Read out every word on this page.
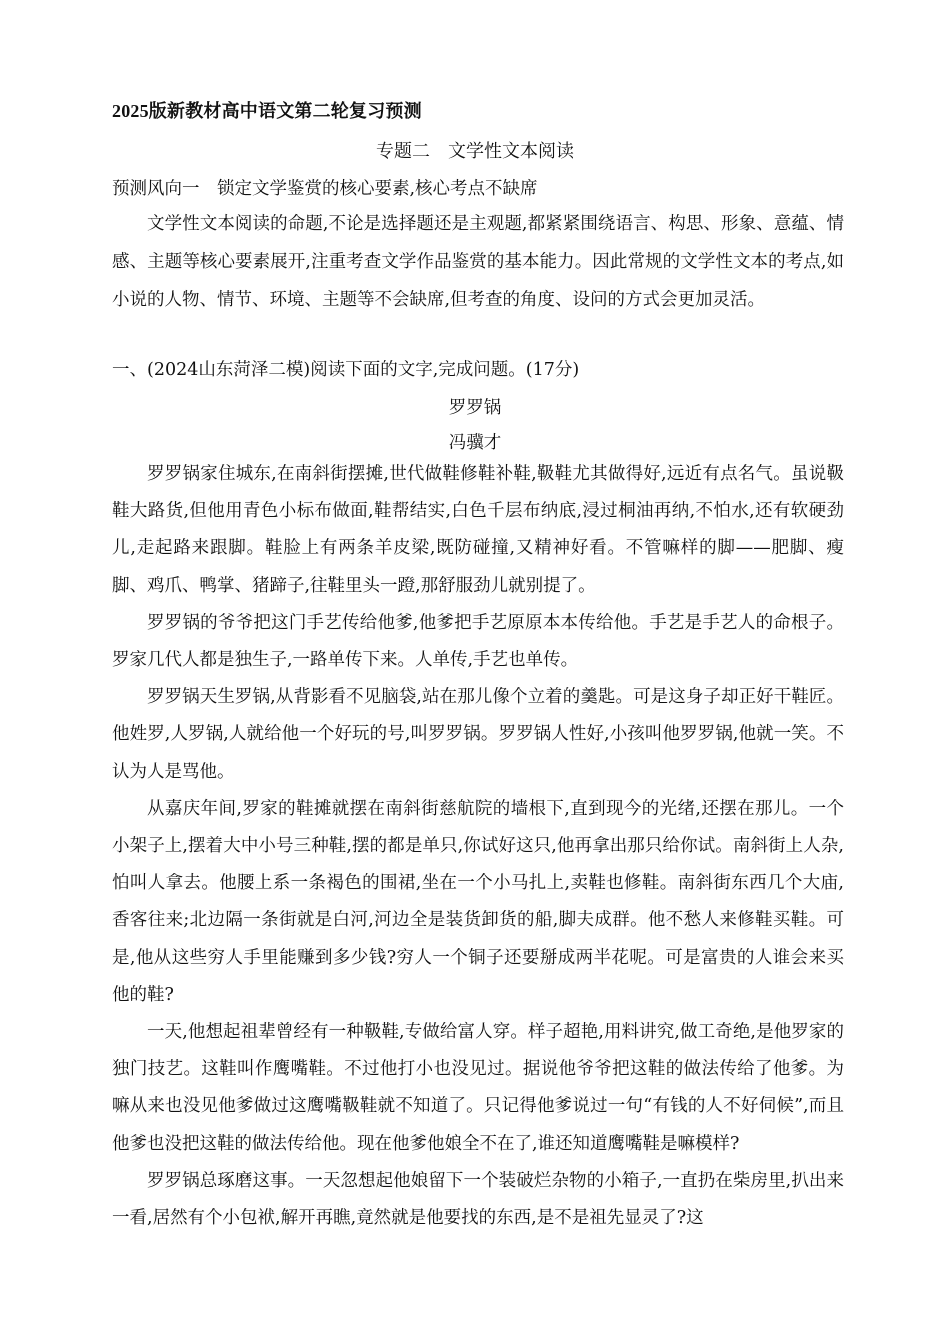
2025版新教材高中语文第二轮复习预测
专题二　文学性文本阅读
预测风向一　锁定文学鉴赏的核心要素,核心考点不缺席

文学性文本阅读的命题,不论是选择题还是主观题,都紧紧围绕语言、构思、形象、意蕴、情感、主题等核心要素展开,注重考查文学作品鉴赏的基本能力。因此常规的文学性文本的考点,如小说的人物、情节、环境、主题等不会缺席,但考查的角度、设问的方式会更加灵活。

一、(2024山东菏泽二模)阅读下面的文字,完成问题。(17分)
罗罗锅
冯骥才

罗罗锅家住城东,在南斜街摆摊,世代做鞋修鞋补鞋,靸鞋尤其做得好,远近有点名气。虽说靸鞋大路货,但他用青色小标布做面,鞋帮结实,白色千层布纳底,浸过桐油再纳,不怕水,还有软硬劲儿,走起路来跟脚。鞋脸上有两条羊皮梁,既防碰撞,又精神好看。不管嘛样的脚——肥脚、瘦脚、鸡爪、鸭掌、猪蹄子,往鞋里头一蹬,那舒服劲儿就别提了。

罗罗锅的爷爷把这门手艺传给他爹,他爹把手艺原原本本传给他。手艺是手艺人的命根子。罗家几代人都是独生子,一路单传下来。人单传,手艺也单传。

罗罗锅天生罗锅,从背影看不见脑袋,站在那儿像个立着的羹匙。可是这身子却正好干鞋匠。他姓罗,人罗锅,人就给他一个好玩的号,叫罗罗锅。罗罗锅人性好,小孩叫他罗罗锅,他就一笑。不认为人是骂他。

从嘉庆年间,罗家的鞋摊就摆在南斜街慈航院的墙根下,直到现今的光绪,还摆在那儿。一个小架子上,摆着大中小号三种鞋,摆的都是单只,你试好这只,他再拿出那只给你试。南斜街上人杂,怕叫人拿去。他腰上系一条褐色的围裙,坐在一个小马扎上,卖鞋也修鞋。南斜街东西几个大庙,香客往来;北边隔一条街就是白河,河边全是装货卸货的船,脚夫成群。他不愁人来修鞋买鞋。可是,他从这些穷人手里能赚到多少钱?穷人一个铜子还要掰成两半花呢。可是富贵的人谁会来买他的鞋?

一天,他想起祖辈曾经有一种靸鞋,专做给富人穿。样子超艳,用料讲究,做工奇绝,是他罗家的独门技艺。这鞋叫作鹰嘴鞋。不过他打小也没见过。据说他爷爷把这鞋的做法传给了他爹。为嘛从来也没见他爹做过这鹰嘴靸鞋就不知道了。只记得他爹说过一句“有钱的人不好伺候”,而且他爹也没把这鞋的做法传给他。现在他爹他娘全不在了,谁还知道鹰嘴鞋是嘛模样?

罗罗锅总琢磨这事。一天忽想起他娘留下一个装破烂杂物的小箱子,一直扔在柴房里,扒出来一看,居然有个小包袱,解开再瞧,竟然就是他要找的东西,是不是祖先显灵了?这
